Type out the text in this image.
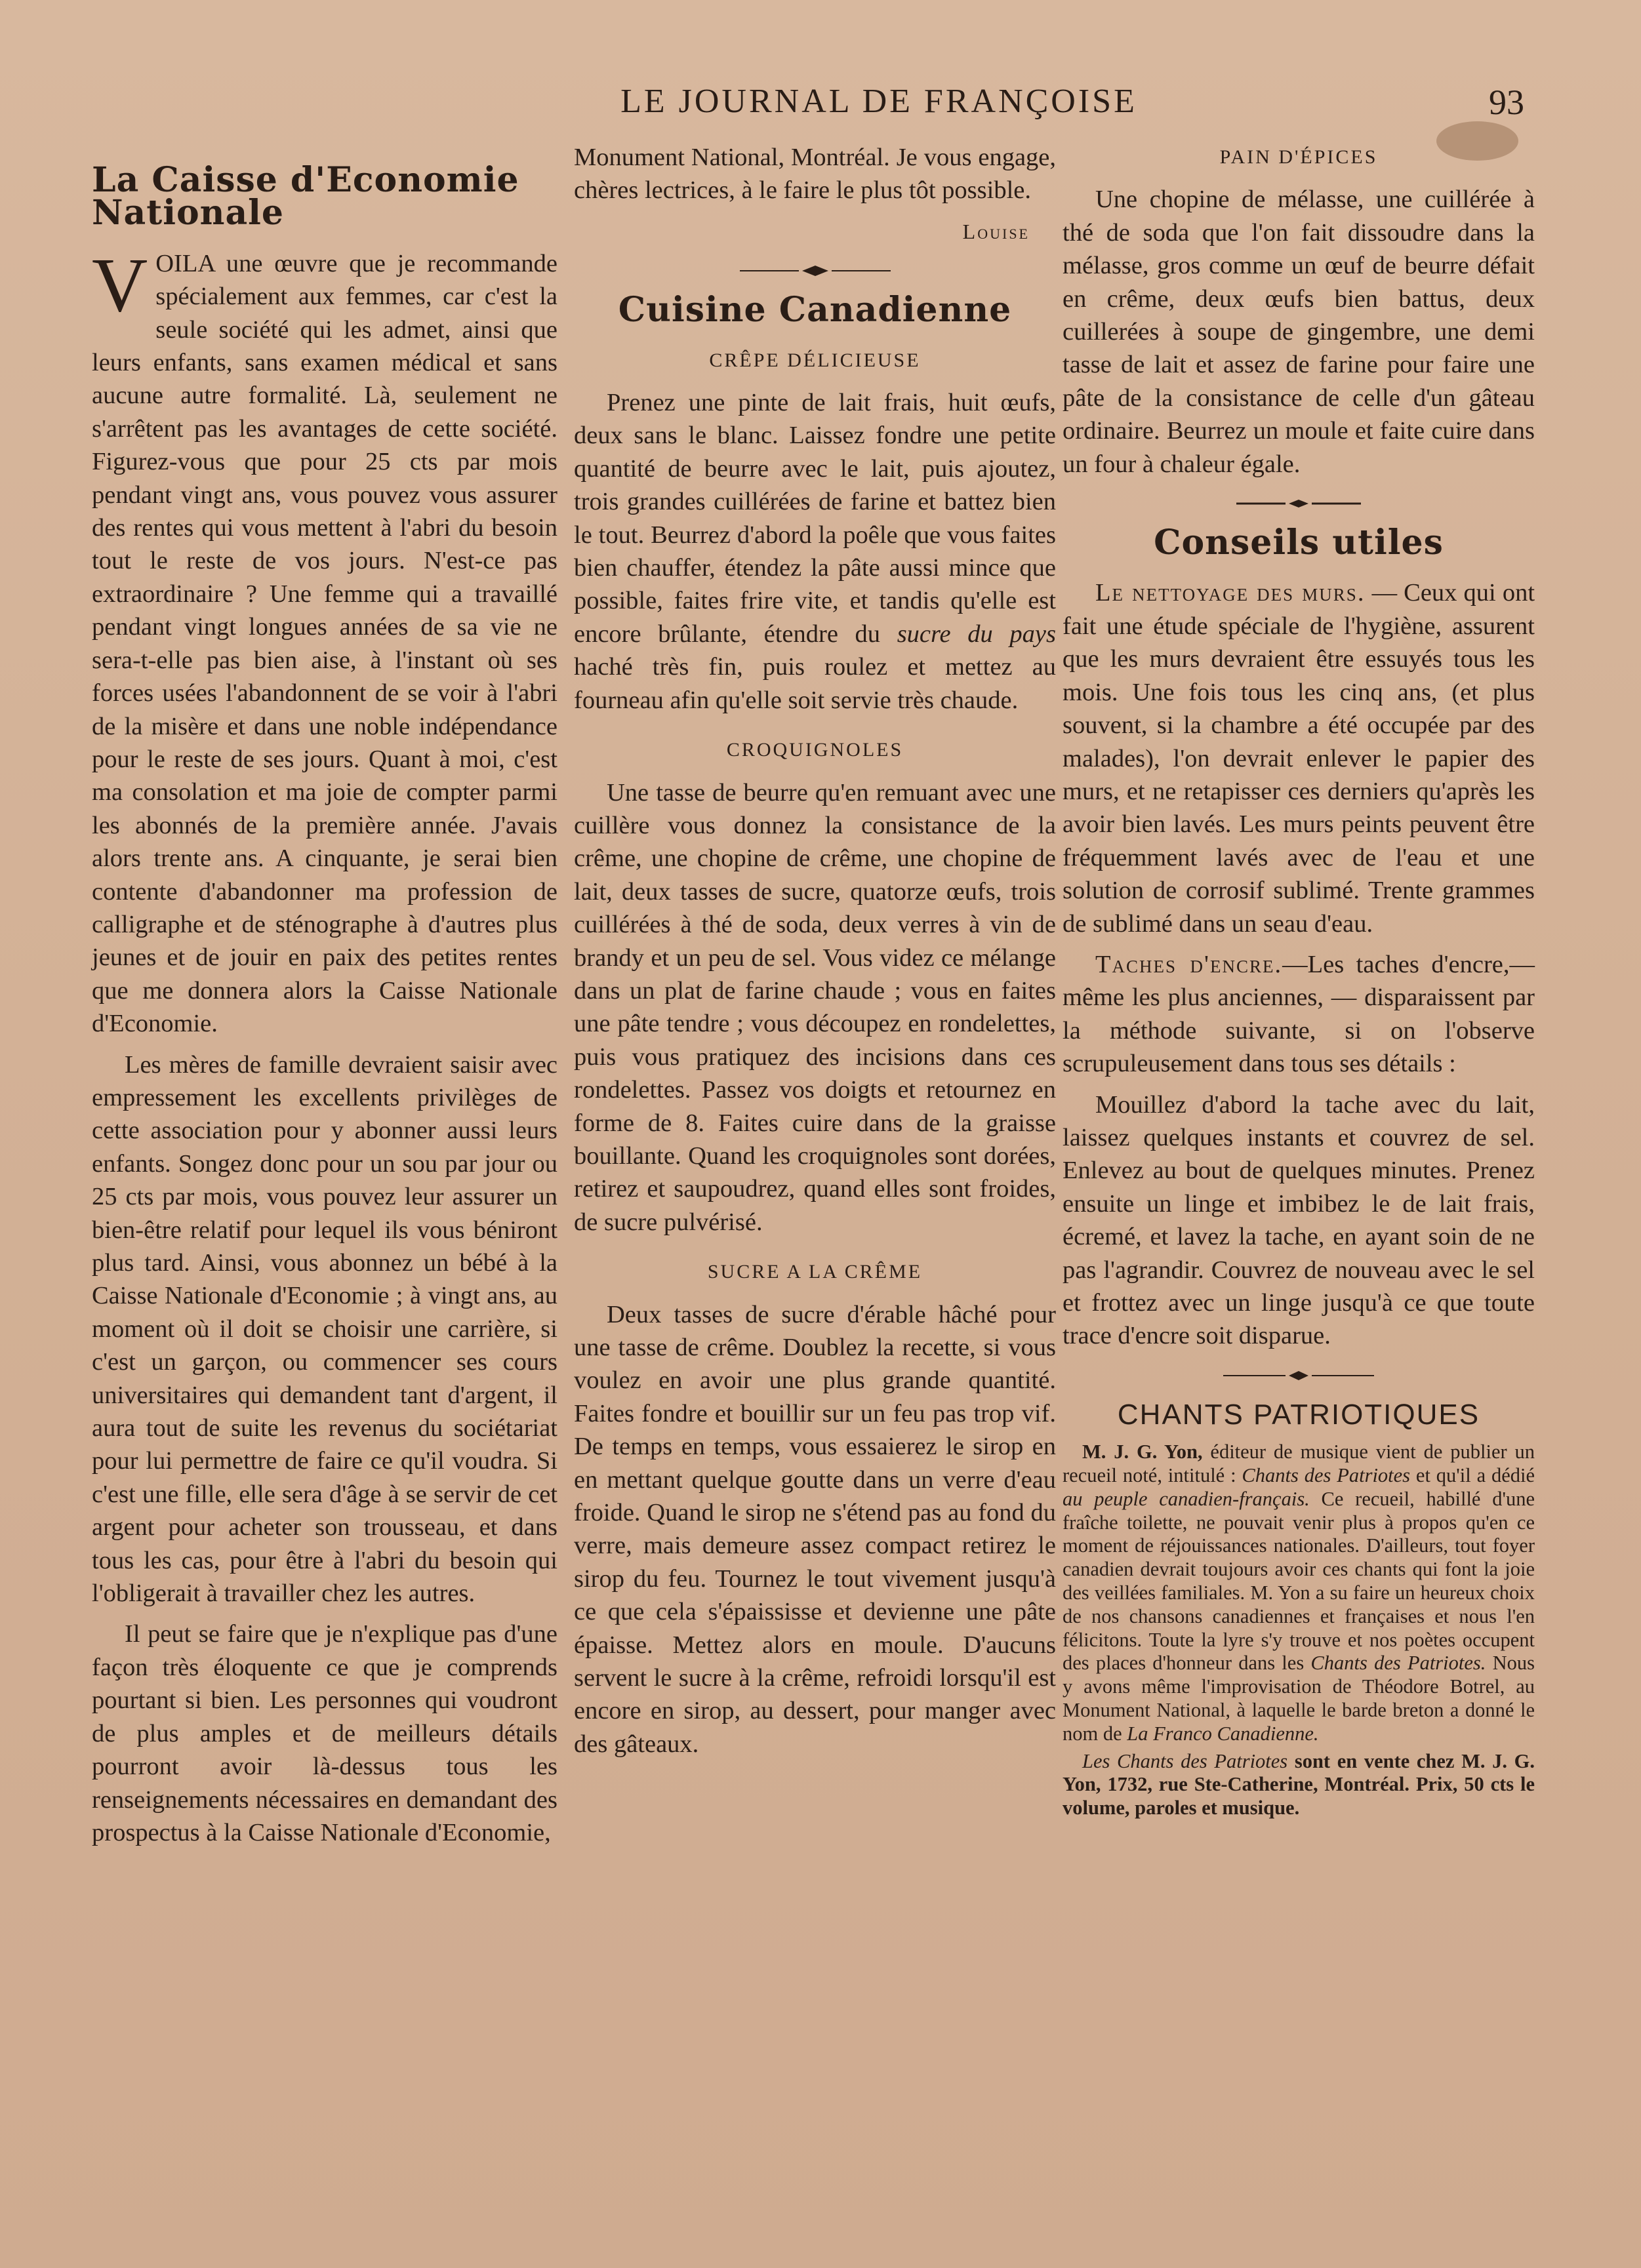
LE JOURNAL DE FRANÇOISE	93
La Caisse d'Economie Nationale

VOILA une œuvre que je recommande spécialement aux femmes, car c'est la seule société qui les admet, ainsi que leurs enfants, sans examen médical et sans aucune autre formalité. Là, seulement ne s'arrêtent pas les avantages de cette société. Figurez-vous que pour 25 cts par mois pendant vingt ans, vous pouvez vous assurer des rentes qui vous mettent à l'abri du besoin tout le reste de vos jours. N'est-ce pas extraordinaire ? Une femme qui a travaillé pendant vingt longues années de sa vie ne sera-t-elle pas bien aise, à l'instant où ses forces usées l'abandonnent de se voir à l'abri de la misère et dans une noble indépendance pour le reste de ses jours. Quant à moi, c'est ma consolation et ma joie de compter parmi les abonnés de la première année. J'avais alors trente ans. A cinquante, je serai bien contente d'abandonner ma profession de calligraphe et de sténographe à d'autres plus jeunes et de jouir en paix des petites rentes que me donnera alors la Caisse Nationale d'Economie.

Les mères de famille devraient saisir avec empressement les excellents privilèges de cette association pour y abonner aussi leurs enfants. Songez donc pour un sou par jour ou 25 cts par mois, vous pouvez leur assurer un bien-être relatif pour lequel ils vous béniront plus tard. Ainsi, vous abonnez un bébé à la Caisse Nationale d'Economie ; à vingt ans, au moment où il doit se choisir une carrière, si c'est un garçon, ou commencer ses cours universitaires qui demandent tant d'argent, il aura tout de suite les revenus du sociétariat pour lui permettre de faire ce qu'il voudra. Si c'est une fille, elle sera d'âge à se servir de cet argent pour acheter son trousseau, et dans tous les cas, pour être à l'abri du besoin qui l'obligerait à travailler chez les autres.

Il peut se faire que je n'explique pas d'une façon très éloquente ce que je comprends pourtant si bien. Les personnes qui voudront de plus amples et de meilleurs détails pourront avoir là-dessus tous les renseignements nécessaires en demandant des prospectus à la Caisse Nationale d'Economie,

Monument National, Montréal. Je vous engage, chères lectrices, à le faire le plus tôt possible.

Louise
Cuisine Canadienne
CRÊPE DÉLICIEUSE

Prenez une pinte de lait frais, huit œufs, deux sans le blanc. Laissez fondre une petite quantité de beurre avec le lait, puis ajoutez, trois grandes cuillérées de farine et battez bien le tout. Beurrez d'abord la poêle que vous faites bien chauffer, étendez la pâte aussi mince que possible, faites frire vite, et tandis qu'elle est encore brûlante, étendre du sucre du pays haché très fin, puis roulez et mettez au fourneau afin qu'elle soit servie très chaude.

CROQUIGNOLES

Une tasse de beurre qu'en remuant avec une cuillère vous donnez la consistance de la crême, une chopine de crême, une chopine de lait, deux tasses de sucre, quatorze œufs, trois cuillérées à thé de soda, deux verres à vin de brandy et un peu de sel. Vous videz ce mélange dans un plat de farine chaude ; vous en faites une pâte tendre ; vous découpez en rondelettes, puis vous pratiquez des incisions dans ces rondelettes. Passez vos doigts et retournez en forme de 8. Faites cuire dans de la graisse bouillante. Quand les croquignoles sont dorées, retirez et saupoudrez, quand elles sont froides, de sucre pulvérisé.

SUCRE A LA CRÊME

Deux tasses de sucre d'érable hâché pour une tasse de crême. Doublez la recette, si vous voulez en avoir une plus grande quantité. Faites fondre et bouillir sur un feu pas trop vif. De temps en temps, vous essaierez le sirop en en mettant quelque goutte dans un verre d'eau froide. Quand le sirop ne s'étend pas au fond du verre, mais demeure assez compact retirez le sirop du feu. Tournez le tout vivement jusqu'à ce que cela s'épaississe et devienne une pâte épaisse. Mettez alors en moule. D'aucuns servent le sucre à la crême, refroidi lorsqu'il est encore en sirop, au dessert, pour manger avec des gâteaux.

PAIN D'ÉPICES

Une chopine de mélasse, une cuillérée à thé de soda que l'on fait dissoudre dans la mélasse, gros comme un œuf de beurre défait en crême, deux œufs bien battus, deux cuillerées à soupe de gingembre, une demi tasse de lait et assez de farine pour faire une pâte de la consistance de celle d'un gâteau ordinaire. Beurrez un moule et faite cuire dans un four à chaleur égale.

Conseils utiles

Le nettoyage des murs. — Ceux qui ont fait une étude spéciale de l'hygiène, assurent que les murs devraient être essuyés tous les mois. Une fois tous les cinq ans, (et plus souvent, si la chambre a été occupée par des malades), l'on devrait enlever le papier des murs, et ne retapisser ces derniers qu'après les avoir bien lavés. Les murs peints peuvent être fréquemment lavés avec de l'eau et une solution de corrosif sublimé. Trente grammes de sublimé dans un seau d'eau.

Taches d'encre.—Les taches d'encre,—même les plus anciennes, — disparaissent par la méthode suivante, si on l'observe scrupuleusement dans tous ses détails :

Mouillez d'abord la tache avec du lait, laissez quelques instants et couvrez de sel. Enlevez au bout de quelques minutes. Prenez ensuite un linge et imbibez le de lait frais, écremé, et lavez la tache, en ayant soin de ne pas l'agrandir. Couvrez de nouveau avec le sel et frottez avec un linge jusqu'à ce que toute trace d'encre soit disparue.

CHANTS PATRIOTIQUES

M. J. G. Yon, éditeur de musique vient de publier un recueil noté, intitulé : Chants des Patriotes et qu'il a dédié au peuple canadien-français. Ce recueil, habillé d'une fraîche toilette, ne pouvait venir plus à propos qu'en ce moment de réjouissances nationales. D'ailleurs, tout foyer canadien devrait toujours avoir ces chants qui font la joie des veillées familiales. M. Yon a su faire un heureux choix de nos chansons canadiennes et françaises et nous l'en félicitons. Toute la lyre s'y trouve et nos poètes occupent des places d'honneur dans les Chants des Patriotes. Nous y avons même l'improvisation de Théodore Botrel, au Monument National, à laquelle le barde breton a donné le nom de La Franco Canadienne.

Les Chants des Patriotes sont en vente chez M. J. G. Yon, 1732, rue Ste-Catherine, Montréal. Prix, 50 cts le volume, paroles et musique.
